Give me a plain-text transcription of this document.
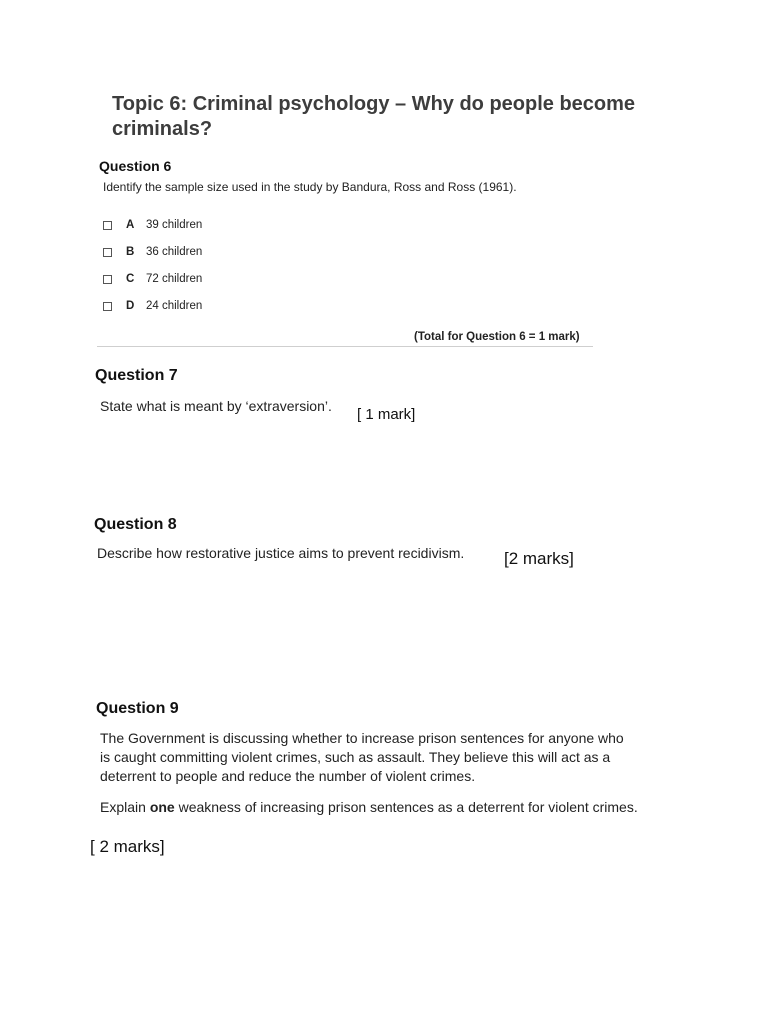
Topic 6: Criminal psychology – Why do people become
criminals?
Question 6
Identify the sample size used in the study by Bandura, Ross and Ross (1961).
A	39 children
B	36 children
C	72 children
D	24 children
(Total for Question 6 = 1 mark)
Question 7
State what is meant by ‘extraversion’. [ 1 mark]
Question 8
Describe how restorative justice aims to prevent recidivism. [2 marks]
Question 9
The Government is discussing whether to increase prison sentences for anyone who
is caught committing violent crimes, such as assault. They believe this will act as a
deterrent to people and reduce the number of violent crimes.
Explain one weakness of increasing prison sentences as a deterrent for violent crimes.
[ 2 marks]
